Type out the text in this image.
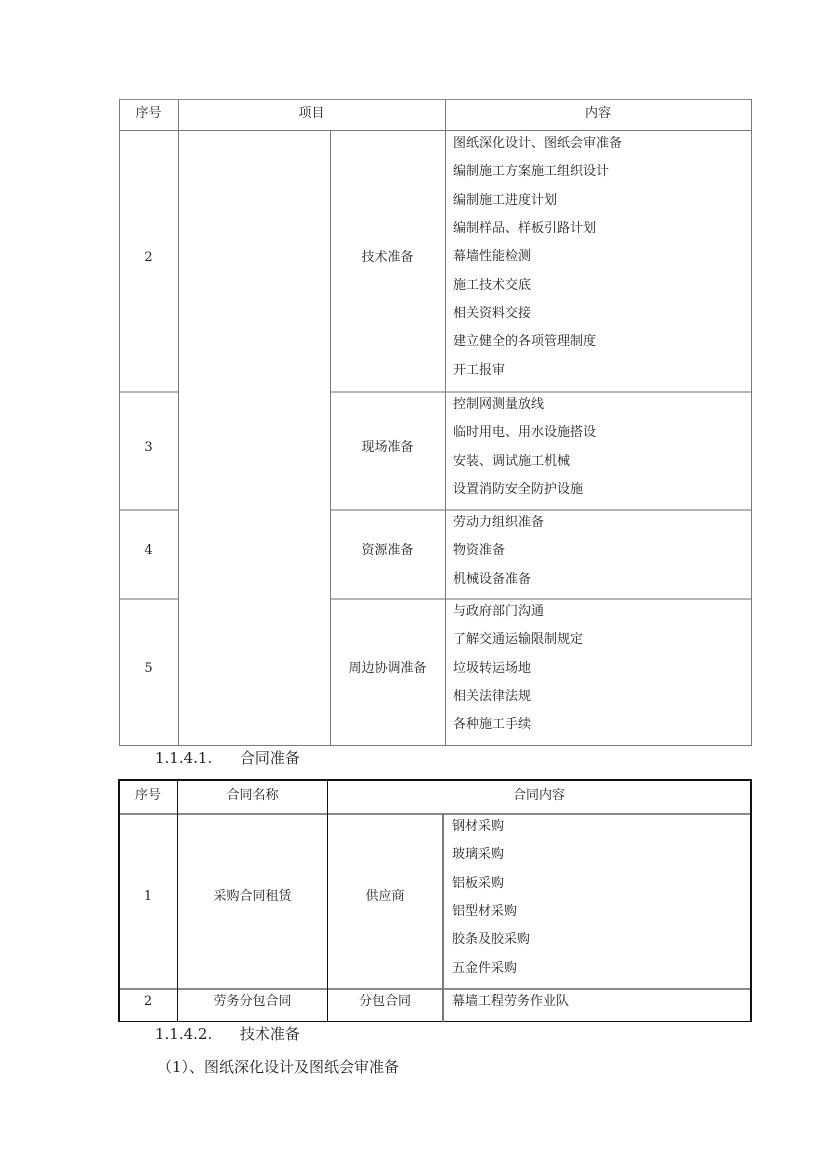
序号	项目	内容
2	技术准备
图纸深化设计、图纸会审准备
编制施工方案施工组织设计
编制施工进度计划
编制样品、样板引路计划
幕墙性能检测
施工技术交底
相关资料交接
建立健全的各项管理制度
开工报审
3	现场准备
控制网测量放线
临时用电、用水设施搭设
安装、调试施工机械
设置消防安全防护设施
4	资源准备
劳动力组织准备
物资准备
机械设备准备
5	周边协调准备
与政府部门沟通
了解交通运输限制规定
垃圾转运场地
相关法律法规
各种施工手续
1.1.4.1. 合同准备
序号	合同名称	合同内容
1	采购合同租赁	供应商
钢材采购
玻璃采购
铝板采购
铝型材采购
胶条及胶采购
五金件采购
2	劳务分包合同	分包合同	幕墙工程劳务作业队
1.1.4.2. 技术准备
（1）、图纸深化设计及图纸会审准备
